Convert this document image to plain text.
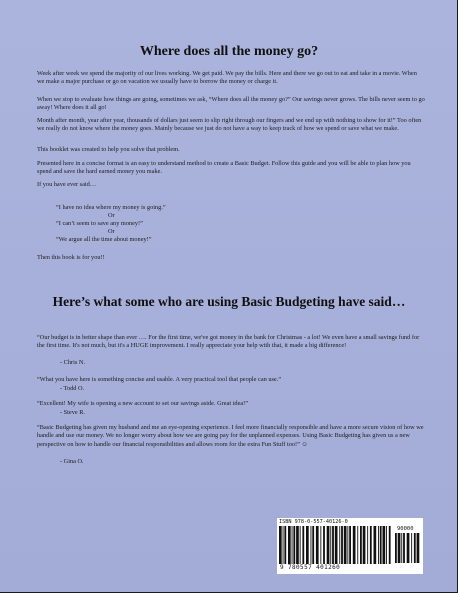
Where does all the money go?
Week after week we spend the majority of our lives working. We get paid. We pay the bills. Here and there we go out to eat and take in a movie. When we make a major purchase or go on vacation we usually have to borrow the money or charge it.
When we stop to evaluate how things are going, sometimes we ask, “Where does all the money go?” Our savings never grows. The bills never seem to go away! Where does it all go!
Month after month, year after year, thousands of dollars just seem to slip right through our fingers and we end up with nothing to show for it!” Too often we really do not know where the money goes. Mainly because we just do not have a way to keep track of how we spend or save what we make.
This booklet was created to help you solve that problem.
Presented here in a concise format is an easy to understand method to create a Basic Budget. Follow this guide and you will be able to plan how you spend and save the hard earned money you make.
If you have ever said…
“I have no idea where my money is going.”
Or
“I can’t seem to save any money!”
Or
“We argue all the time about money!”
Then this book is for you!!
Here’s what some who are using Basic Budgeting have said…
“Our budget is in better shape than ever …. For the first time, we've got money in the bank for Christmas - a lot! We even have a small savings fund for the first time. It's not much, but it's a HUGE improvement. I really appreciate your help with that, it made a big difference!
- Chris N.
“What you have here is something concise and usable. A very practical tool that people can use.”
- Todd O.
“Excellent! My wife is opening a new account to set our savings aside. Great idea!”
- Steve R.
“Basic Budgeting has given my husband and me an eye-opening experience. I feel more financially responsible and have a more secure vision of how we handle and use our money. We no longer worry about how we are going pay for the unplanned expenses. Using Basic Budgeting has given us a new perspective on how to handle our financial responsibilities and allows room for the extra Fun Stuff too!” ☺
- Gina O.
ISBN 978-0-557-40126-0
90000
9 780557 401260
